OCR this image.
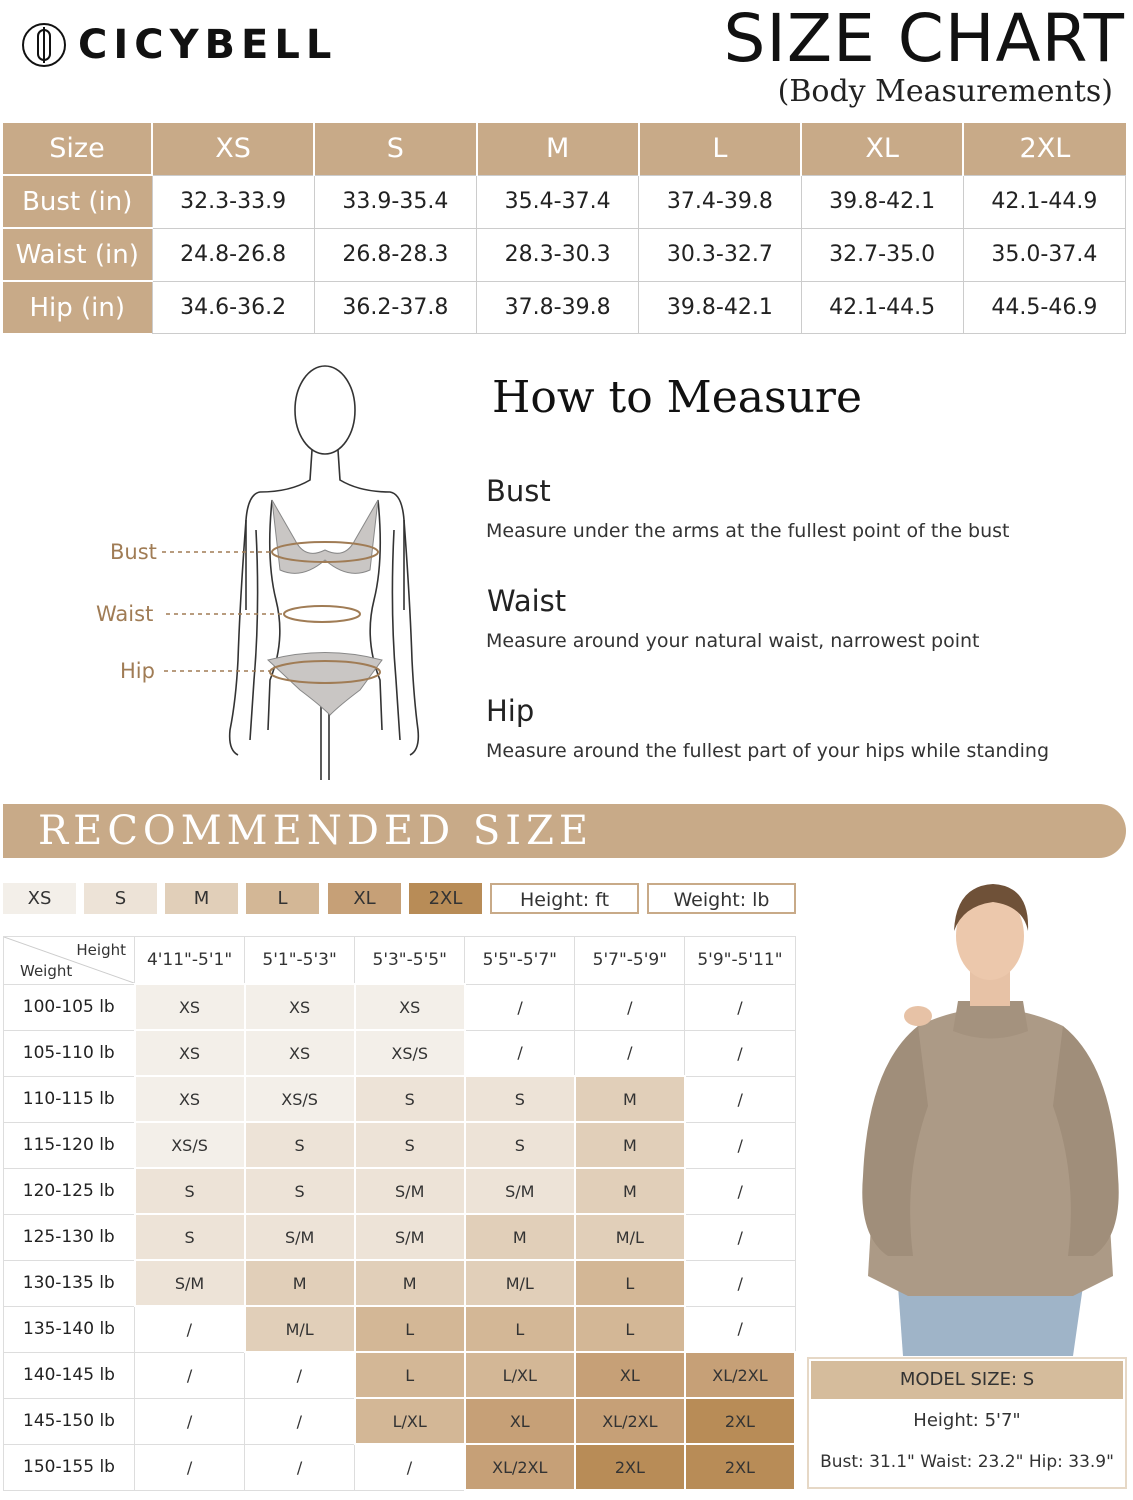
CICYBELL	SIZE CHART
(Body Measurements)
Size	XS	S	M	L	XL	2XL
Bust (in)	32.3-33.9	33.9-35.4	35.4-37.4	37.4-39.8	39.8-42.1	42.1-44.9
Waist (in)	24.8-26.8	26.8-28.3	28.3-30.3	30.3-32.7	32.7-35.0	35.0-37.4
Hip (in)	34.6-36.2	36.2-37.8	37.8-39.8	39.8-42.1	42.1-44.5	44.5-46.9
Bust
Waist
Hip
How to Measure
Bust
Measure under the arms at the fullest point of the bust
Waist
Measure around your natural waist, narrowest point
Hip
Measure around the fullest part of your hips while standing
RECOMMENDED SIZE
XS	S	M	L	XL	2XL	Height: ft	Weight: lb
Height
Weight	4'11"-5'1"	5'1"-5'3"	5'3"-5'5"	5'5"-5'7"	5'7"-5'9"	5'9"-5'11"
100-105 lb	XS	XS	XS	/	/	/
105-110 lb	XS	XS	XS/S	/	/	/
110-115 lb	XS	XS/S	S	S	M	/
115-120 lb	XS/S	S	S	S	M	/
120-125 lb	S	S	S/M	S/M	M	/
125-130 lb	S	S/M	S/M	M	M/L	/
130-135 lb	S/M	M	M	M/L	L	/
135-140 lb	/	M/L	L	L	L	/
140-145 lb	/	/	L	L/XL	XL	XL/2XL
145-150 lb	/	/	L/XL	XL	XL/2XL	2XL
150-155 lb	/	/	/	XL/2XL	2XL	2XL
MODEL SIZE: S
Height: 5'7"
Bust: 31.1" Waist: 23.2" Hip: 33.9"
